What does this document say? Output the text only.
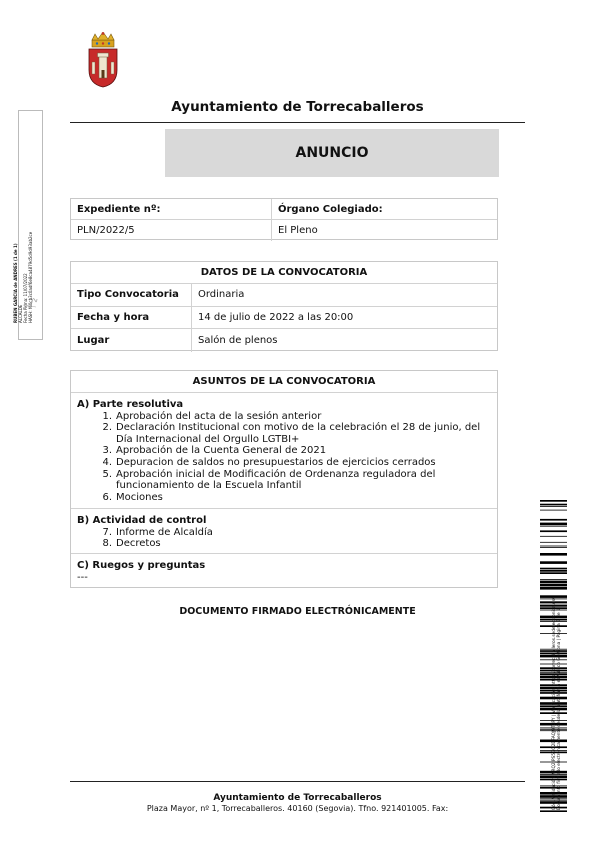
Ayuntamiento de Torrecaballeros
ANUNCIO
Expediente nº:	Órgano Colegiado:
PLN/2022/5	El Pleno
DATOS DE LA CONVOCATORIA
Tipo Convocatoria	Ordinaria
Fecha y hora	14 de julio de 2022 a las 20:00
Lugar	Salón de plenos
ASUNTOS DE LA CONVOCATORIA
A) Parte resolutiva
1. Aprobación del acta de la sesión anterior
2. Declaración Institucional con motivo de la celebración el 28 de junio, del Día Internacional del Orgullo LGTBI+
3. Aprobación de la Cuenta General de 2021
4. Depuracion de saldos no presupuestarios de ejercicios cerrados
5. Aprobación inicial de Modificación de Ordenanza reguladora del funcionamiento de la Escuela Infantil
6. Mociones
B) Actividad de control
7. Informe de Alcaldía
8. Decretos
C) Ruegos y preguntas
---
DOCUMENTO FIRMADO ELECTRÓNICAMENTE
Ayuntamiento de Torrecaballeros
Plaza Mayor, nº 1, Torrecaballeros. 40160 (Segovia). Tfno. 921401005. Fax:
RUBEN GARCIA de ANDRES (1 de 1) ALCALDE Fecha Firma: 11/07/2022 HASH: f60cb3c0adf6e8ca4879d5d9d93ab2ce
Cód. Validación: 9RQ2JPS5GQ2DFAQJ9T2PY | Verificación: https://torrecaballeros.sedelectronica.es/ Documento firmado electrónicamente desde la plataforma esPublico Gestiona | Página 1 de 1
